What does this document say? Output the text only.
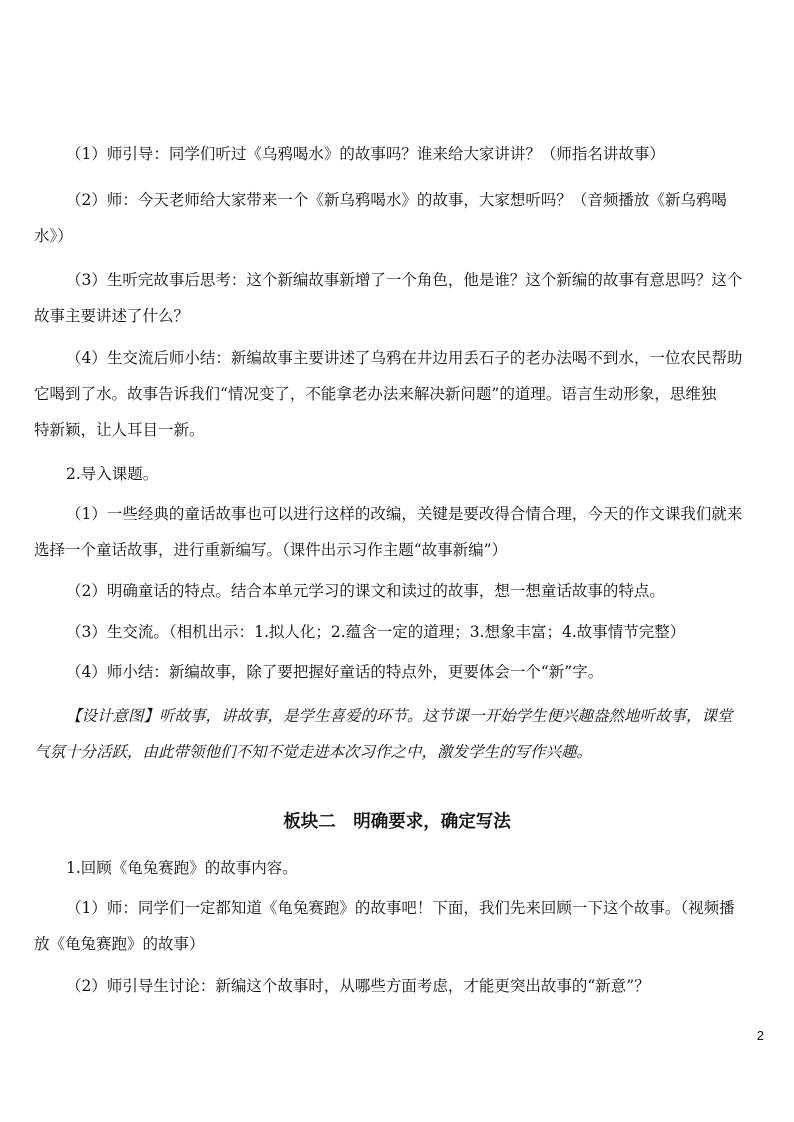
（1）师引导：同学们听过《乌鸦喝水》的故事吗？谁来给大家讲讲？（师指名讲故事）
（2）师：今天老师给大家带来一个《新乌鸦喝水》的故事，大家想听吗？（音频播放《新乌鸦喝
水》）
（3）生听完故事后思考：这个新编故事新增了一个角色，他是谁？这个新编的故事有意思吗？这个
故事主要讲述了什么？
（4）生交流后师小结：新编故事主要讲述了乌鸦在井边用丢石子的老办法喝不到水，一位农民帮助
它喝到了水。故事告诉我们“情况变了，不能拿老办法来解决新问题”的道理。语言生动形象，思维独
特新颖，让人耳目一新。
2.导入课题。
（1）一些经典的童话故事也可以进行这样的改编，关键是要改得合情合理，今天的作文课我们就来
选择一个童话故事，进行重新编写。（课件出示习作主题“故事新编”）
（2）明确童话的特点。结合本单元学习的课文和读过的故事，想一想童话故事的特点。
（3）生交流。（相机出示：1.拟人化；2.蕴含一定的道理；3.想象丰富；4.故事情节完整）
（4）师小结：新编故事，除了要把握好童话的特点外，更要体会一个“新”字。
【设计意图】听故事，讲故事，是学生喜爱的环节。这节课一开始学生便兴趣盎然地听故事，课堂
气氛十分活跃，由此带领他们不知不觉走进本次习作之中，激发学生的写作兴趣。
板块二　明确要求，确定写法
1.回顾《龟兔赛跑》的故事内容。
（1）师：同学们一定都知道《龟兔赛跑》的故事吧！下面，我们先来回顾一下这个故事。（视频播
放《龟兔赛跑》的故事）
（2）师引导生讨论：新编这个故事时，从哪些方面考虑，才能更突出故事的“新意”？
2
